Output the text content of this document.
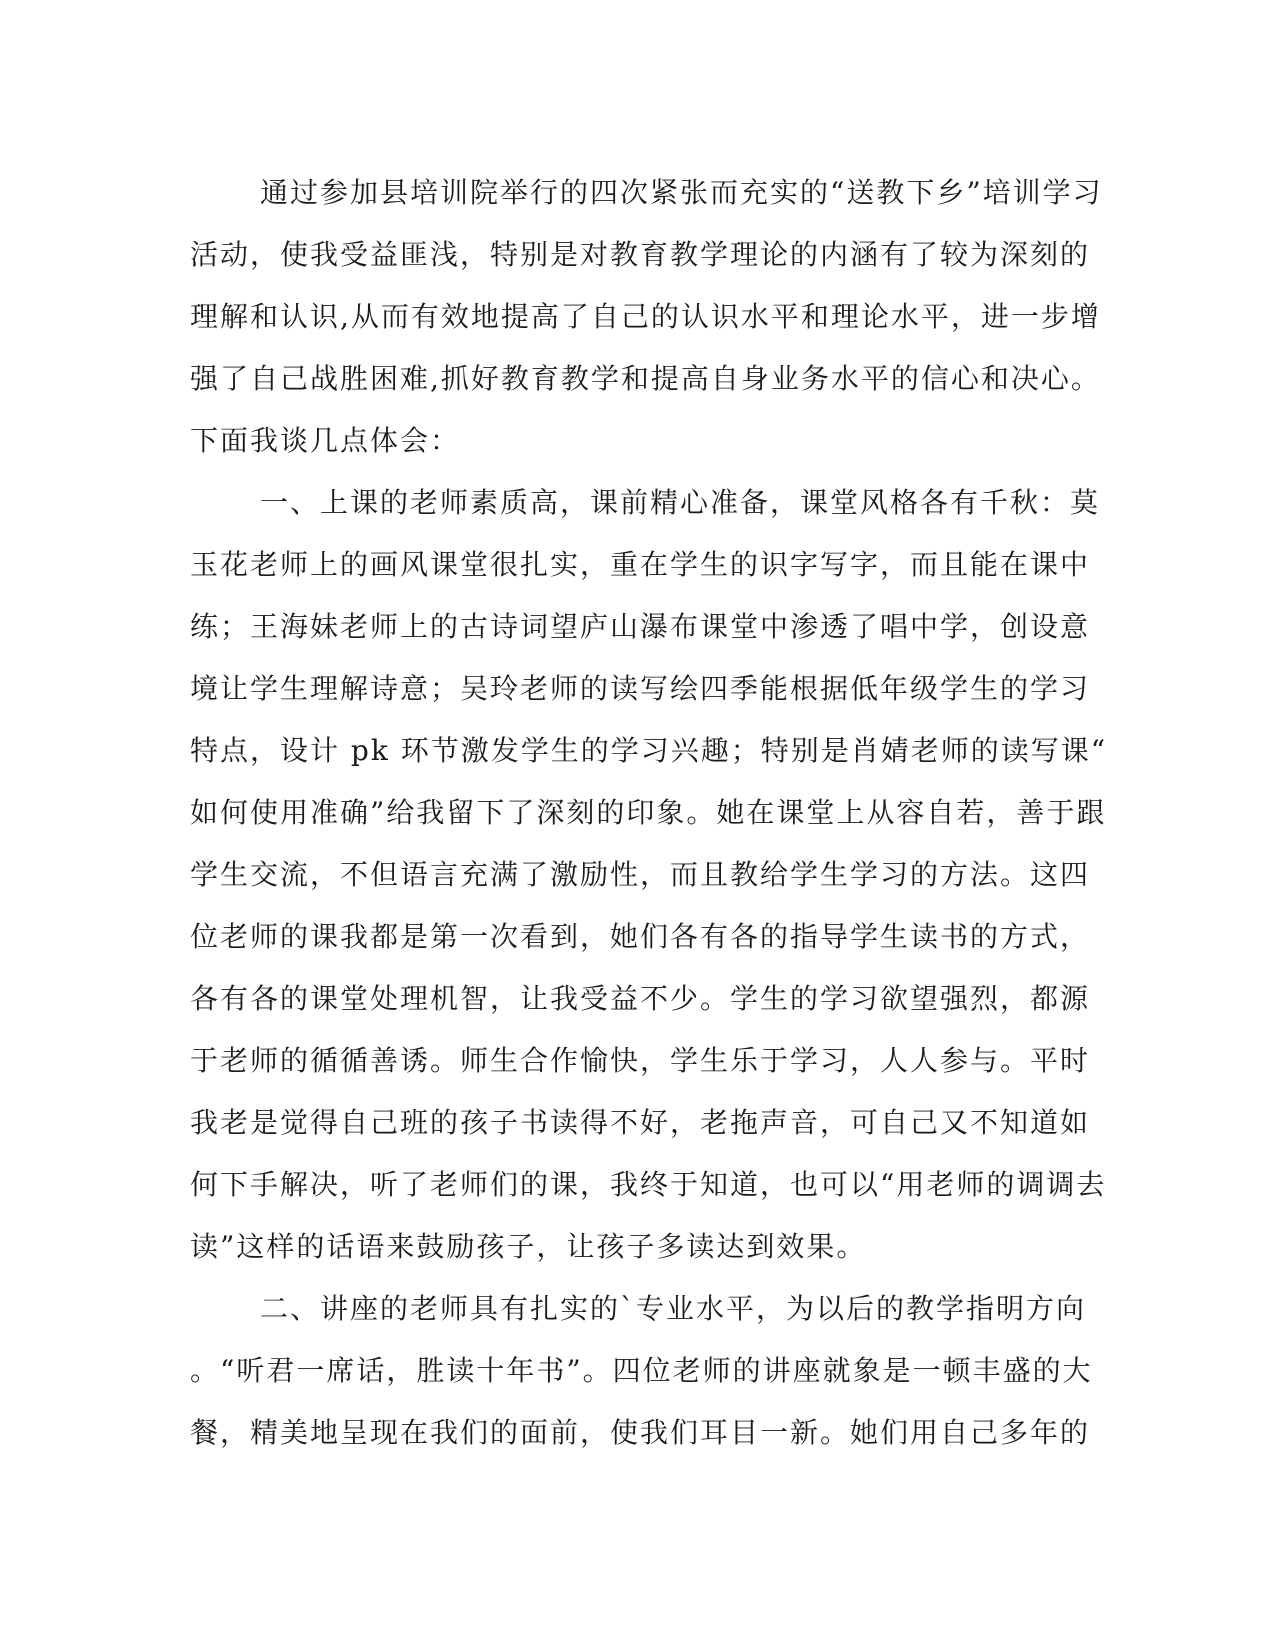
通过参加县培训院举行的四次紧张而充实的“送教下乡”培训学习
活动，使我受益匪浅，特别是对教育教学理论的内涵有了较为深刻的
理解和认识,从而有效地提高了自己的认识水平和理论水平，进一步增
强了自己战胜困难,抓好教育教学和提高自身业务水平的信心和决心。
下面我谈几点体会：
一、上课的老师素质高，课前精心准备，课堂风格各有千秋：莫
玉花老师上的画风课堂很扎实，重在学生的识字写字，而且能在课中
练；王海妹老师上的古诗词望庐山瀑布课堂中渗透了唱中学，创设意
境让学生理解诗意；吴玲老师的读写绘四季能根据低年级学生的学习
特点，设计 pk 环节激发学生的学习兴趣；特别是肖婧老师的读写课“
如何使用准确”给我留下了深刻的印象。她在课堂上从容自若，善于跟
学生交流，不但语言充满了激励性，而且教给学生学习的方法。这四
位老师的课我都是第一次看到，她们各有各的指导学生读书的方式，
各有各的课堂处理机智，让我受益不少。学生的学习欲望强烈，都源
于老师的循循善诱。师生合作愉快，学生乐于学习，人人参与。平时
我老是觉得自己班的孩子书读得不好，老拖声音，可自己又不知道如
何下手解决，听了老师们的课，我终于知道，也可以“用老师的调调去
读”这样的话语来鼓励孩子，让孩子多读达到效果。
二、讲座的老师具有扎实的`专业水平，为以后的教学指明方向
。“听君一席话，胜读十年书”。四位老师的讲座就象是一顿丰盛的大
餐，精美地呈现在我们的面前，使我们耳目一新。她们用自己多年的
